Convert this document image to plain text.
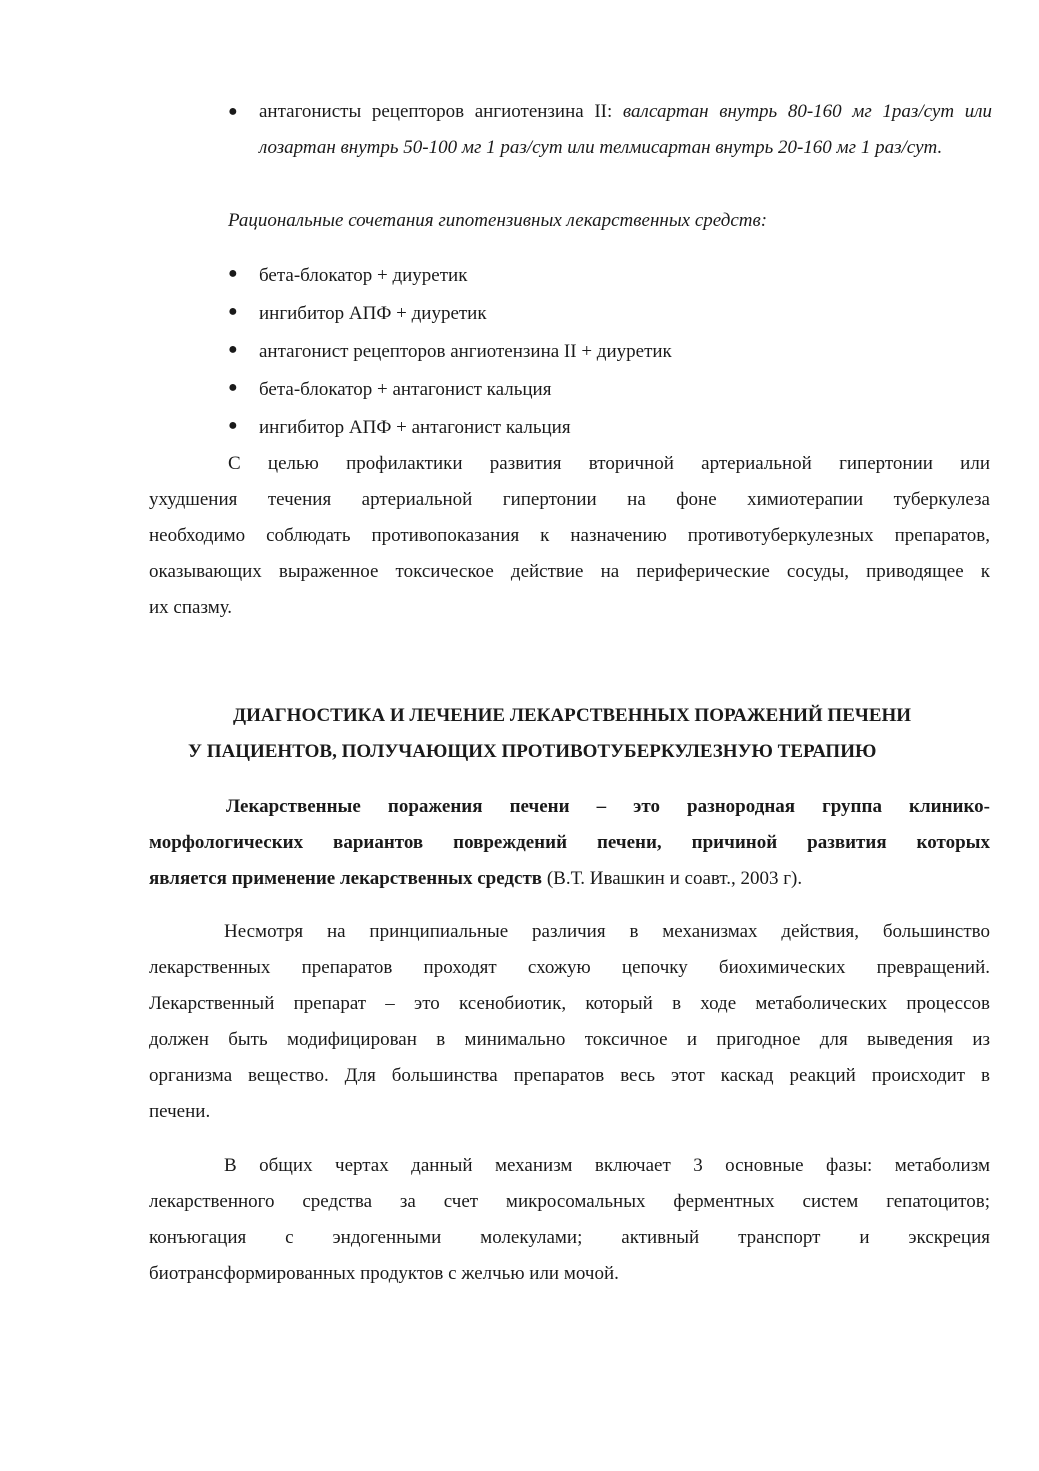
● антагонисты рецепторов ангиотензина II: валсартан внутрь 80-160 мг 1раз/сут или лозартан внутрь 50-100 мг 1 раз/сут или телмисартан внутрь 20-160 мг 1 раз/сут.
Рациональные сочетания гипотензивных лекарственных средств:
● бета-блокатор + диуретик
● ингибитор АПФ + диуретик
● антагонист рецепторов ангиотензина II + диуретик
● бета-блокатор + антагонист кальция
● ингибитор АПФ + антагонист кальция
С целью профилактики развития вторичной артериальной гипертонии или
ухудшения течения артериальной гипертонии на фоне химиотерапии туберкулеза
необходимо соблюдать противопоказания к назначению противотуберкулезных препаратов,
оказывающих выраженное токсическое действие на периферические сосуды, приводящее к
их спазму.
ДИАГНОСТИКА И ЛЕЧЕНИЕ ЛЕКАРСТВЕННЫХ ПОРАЖЕНИЙ ПЕЧЕНИ
У ПАЦИЕНТОВ, ПОЛУЧАЮЩИХ ПРОТИВОТУБЕРКУЛЕЗНУЮ ТЕРАПИЮ
Лекарственные поражения печени – это разнородная группа клинико-
морфологических вариантов повреждений печени, причиной развития которых
является применение лекарственных средств (В.Т. Ивашкин и соавт., 2003 г).
Несмотря на принципиальные различия в механизмах действия, большинство
лекарственных препаратов проходят схожую цепочку биохимических превращений.
Лекарственный препарат – это ксенобиотик, который в ходе метаболических процессов
должен быть модифицирован в минимально токсичное и пригодное для выведения из
организма вещество. Для большинства препаратов весь этот каскад реакций происходит в
печени.
В общих чертах данный механизм включает 3 основные фазы: метаболизм
лекарственного средства за счет микросомальных ферментных систем гепатоцитов;
конъюгация с эндогенными молекулами; активный транспорт и экскреция
биотрансформированных продуктов с желчью или мочой.
